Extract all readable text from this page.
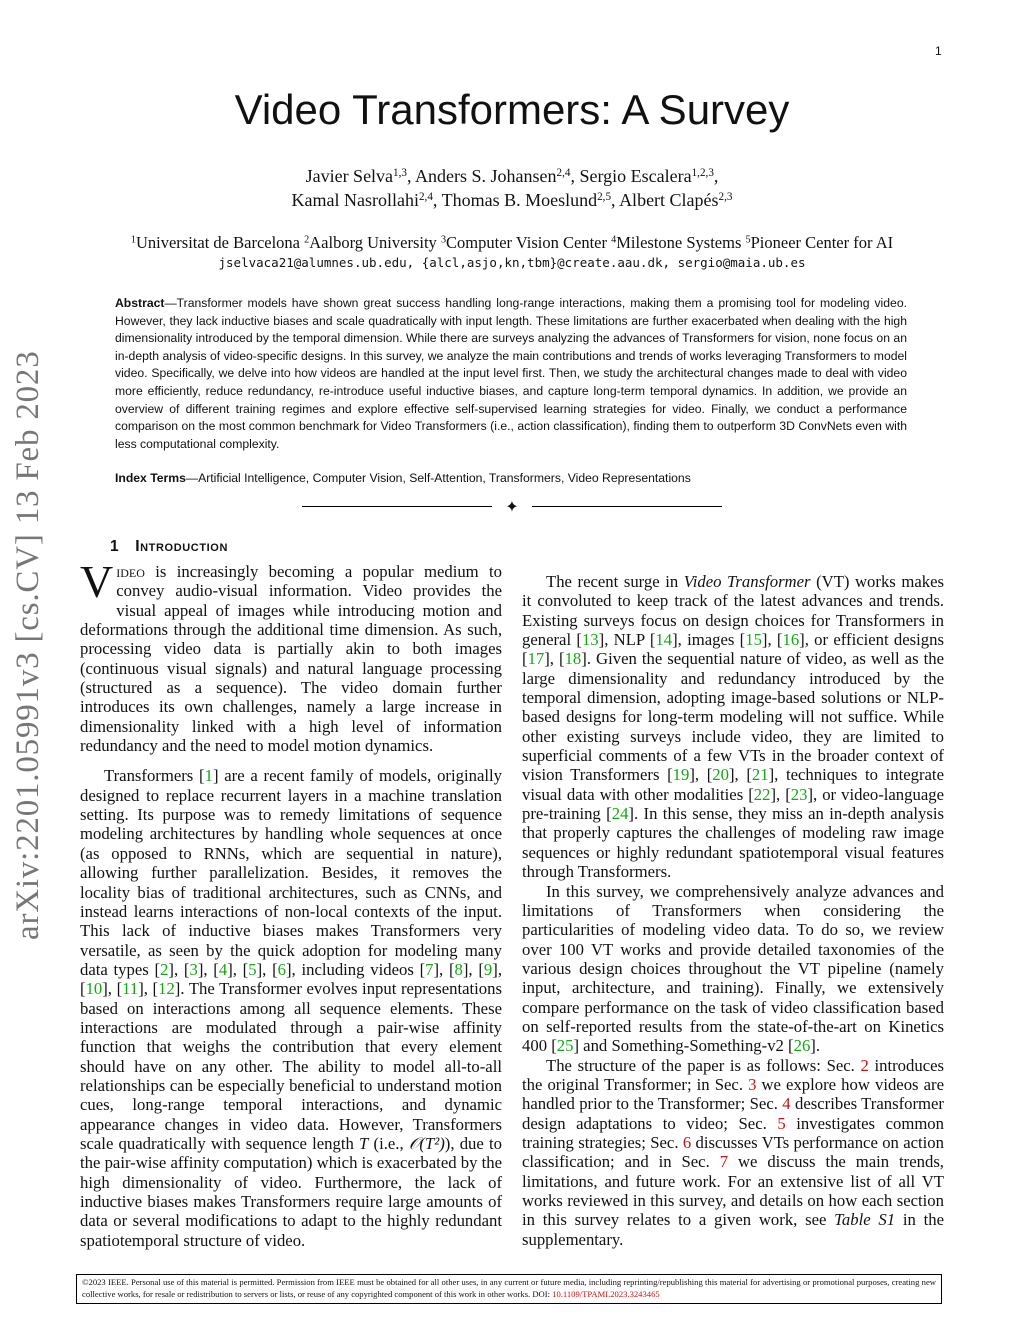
1
arXiv:2201.05991v3 [cs.CV] 13 Feb 2023
Video Transformers: A Survey
Javier Selva$^{1,3}$, Anders S. Johansen$^{2,4}$, Sergio Escalera$^{1,2,3}$,
Kamal Nasrollahi$^{2,4}$, Thomas B. Moeslund$^{2,5}$, Albert Clapés$^{2,3}$
$^1$Universitat de Barcelona $^2$Aalborg University $^3$Computer Vision Center $^4$Milestone Systems $^5$Pioneer Center for AI
jselvaca21@alumnes.ub.edu, {alcl,asjo,kn,tbm}@create.aau.dk, sergio@maia.ub.es

Abstract—Transformer models have shown great success handling long-range interactions, making them a promising tool for modeling video. However, they lack inductive biases and scale quadratically with input length. These limitations are further exacerbated when dealing with the high dimensionality introduced by the temporal dimension. While there are surveys analyzing the advances of Transformers for vision, none focus on an in-depth analysis of video-specific designs. In this survey, we analyze the main contributions and trends of works leveraging Transformers to model video. Specifically, we delve into how videos are handled at the input level first. Then, we study the architectural changes made to deal with video more efficiently, reduce redundancy, re-introduce useful inductive biases, and capture long-term temporal dynamics. In addition, we provide an overview of different training regimes and explore effective self-supervised learning strategies for video. Finally, we conduct a performance comparison on the most common benchmark for Video Transformers (i.e., action classification), finding them to outperform 3D ConvNets even with less computational complexity.

Index Terms—Artificial Intelligence, Computer Vision, Self-Attention, Transformers, Video Representations

✦
1 Introduction

Video is increasingly becoming a popular medium to convey audio-visual information. Video provides the visual appeal of images while introducing motion and deformations through the additional time dimension. As such, processing video data is partially akin to both images (continuous visual signals) and natural language processing (structured as a sequence). The video domain further introduces its own challenges, namely a large increase in dimensionality linked with a high level of information redundancy and the need to model motion dynamics.

Transformers [1] are a recent family of models, originally designed to replace recurrent layers in a machine translation setting. Its purpose was to remedy limitations of sequence modeling architectures by handling whole sequences at once (as opposed to RNNs, which are sequential in nature), allowing further parallelization. Besides, it removes the locality bias of traditional architectures, such as CNNs, and instead learns interactions of non-local contexts of the input. This lack of inductive biases makes Transformers very versatile, as seen by the quick adoption for modeling many data types [2], [3], [4], [5], [6], including videos [7], [8], [9], [10], [11], [12]. The Transformer evolves input representations based on interactions among all sequence elements. These interactions are modulated through a pair-wise affinity function that weighs the contribution that every element should have on any other. The ability to model all-to-all relationships can be especially beneficial to understand motion cues, long-range temporal interactions, and dynamic appearance changes in video data. However, Transformers scale quadratically with sequence length T (i.e., 𝒪(T²)), due to the pair-wise affinity computation) which is exacerbated by the high dimensionality of video. Furthermore, the lack of inductive biases makes Transformers require large amounts of data or several modifications to adapt to the highly redundant spatiotemporal structure of video.

The recent surge in Video Transformer (VT) works makes it convoluted to keep track of the latest advances and trends. Existing surveys focus on design choices for Transformers in general [13], NLP [14], images [15], [16], or efficient designs [17], [18]. Given the sequential nature of video, as well as the large dimensionality and redundancy introduced by the temporal dimension, adopting image-based solutions or NLP-based designs for long-term modeling will not suffice. While other existing surveys include video, they are limited to superficial comments of a few VTs in the broader context of vision Transformers [19], [20], [21], techniques to integrate visual data with other modalities [22], [23], or video-language pre-training [24]. In this sense, they miss an in-depth analysis that properly captures the challenges of modeling raw image sequences or highly redundant spatiotemporal visual features through Transformers.

In this survey, we comprehensively analyze advances and limitations of Transformers when considering the particularities of modeling video data. To do so, we review over 100 VT works and provide detailed taxonomies of the various design choices throughout the VT pipeline (namely input, architecture, and training). Finally, we extensively compare performance on the task of video classification based on self-reported results from the state-of-the-art on Kinetics 400 [25] and Something-Something-v2 [26].

The structure of the paper is as follows: Sec. 2 introduces the original Transformer; in Sec. 3 we explore how videos are handled prior to the Transformer; Sec. 4 describes Transformer design adaptations to video; Sec. 5 investigates common training strategies; Sec. 6 discusses VTs performance on action classification; and in Sec. 7 we discuss the main trends, limitations, and future work. For an extensive list of all VT works reviewed in this survey, and details on how each section in this survey relates to a given work, see Table S1 in the supplementary.

©2023 IEEE. Personal use of this material is permitted. Permission from IEEE must be obtained for all other uses, in any current or future media, including reprinting/republishing this material for advertising or promotional purposes, creating new collective works, for resale or redistribution to servers or lists, or reuse of any copyrighted component of this work in other works. DOI: 10.1109/TPAMI.2023.3243465
